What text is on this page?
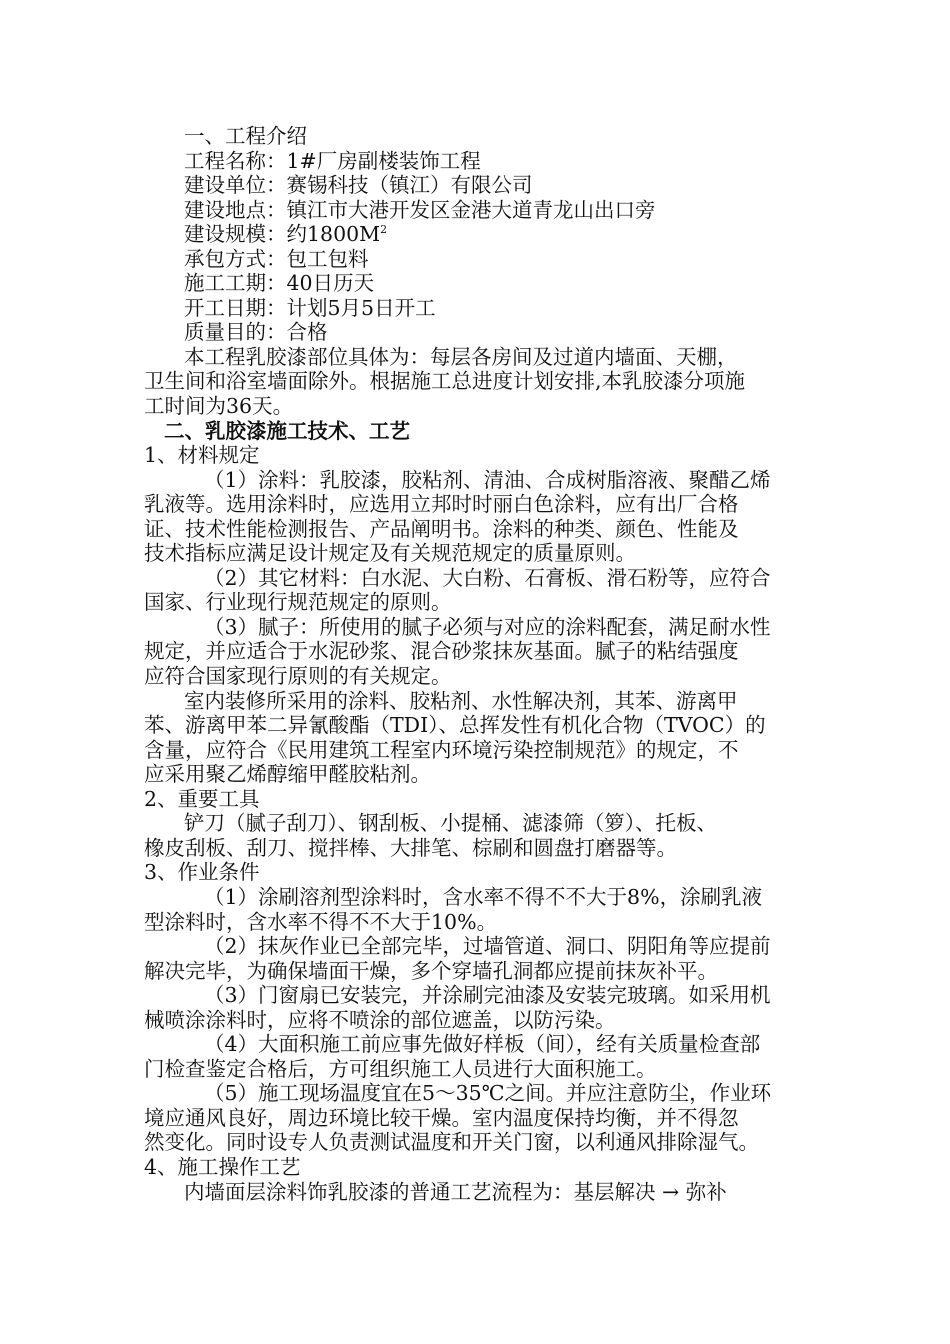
一、工程介绍
工程名称：1#厂房副楼装饰工程
建设单位：赛锡科技（镇江）有限公司
建设地点：镇江市大港开发区金港大道青龙山出口旁
建设规模：约$1800M^2$
承包方式：包工包料
施工工期：40日历天
开工日期：计划5月5日开工
质量目的：合格
本工程乳胶漆部位具体为：每层各房间及过道内墙面、天棚，
卫生间和浴室墙面除外。根据施工总进度计划安排,本乳胶漆分项施
工时间为36天。
二、乳胶漆施工技术、工艺
1、材料规定
（1）涂料：乳胶漆，胶粘剂、清油、合成树脂溶液、聚醋乙烯
乳液等。选用涂料时，应选用立邦时时丽白色涂料，应有出厂合格
证、技术性能检测报告、产品阐明书。涂料的种类、颜色、性能及
技术指标应满足设计规定及有关规范规定的质量原则。
（2）其它材料：白水泥、大白粉、石膏板、滑石粉等，应符合
国家、行业现行规范规定的原则。
（3）腻子：所使用的腻子必须与对应的涂料配套，满足耐水性
规定，并应适合于水泥砂浆、混合砂浆抹灰基面。腻子的粘结强度
应符合国家现行原则的有关规定。
室内装修所采用的涂料、胶粘剂、水性解决剂，其苯、游离甲
苯、游离甲苯二异氰酸酯（TDI）、总挥发性有机化合物（TVOC）的
含量，应符合《民用建筑工程室内环境污染控制规范》的规定，不
应采用聚乙烯醇缩甲醛胶粘剂。
2、重要工具
铲刀（腻子刮刀）、钢刮板、小提桶、滤漆筛（箩）、托板、
橡皮刮板、刮刀、搅拌棒、大排笔、棕刷和圆盘打磨器等。
3、作业条件
（1）涂刷溶剂型涂料时，含水率不得不不大于8%，涂刷乳液
型涂料时，含水率不得不不大于10%。
（2）抹灰作业已全部完毕，过墙管道、洞口、阴阳角等应提前
解决完毕，为确保墙面干燥，多个穿墙孔洞都应提前抹灰补平。
（3）门窗扇已安装完，并涂刷完油漆及安装完玻璃。如采用机
械喷涂涂料时，应将不喷涂的部位遮盖，以防污染。
（4）大面积施工前应事先做好样板（间），经有关质量检查部
门检查鉴定合格后，方可组织施工人员进行大面积施工。
（5）施工现场温度宜在5～35℃之间。并应注意防尘，作业环
境应通风良好，周边环境比较干燥。室内温度保持均衡，并不得忽
然变化。同时设专人负责测试温度和开关门窗，以利通风排除湿气。
4、施工操作工艺
内墙面层涂料饰乳胶漆的普通工艺流程为：基层解决 → 弥补
